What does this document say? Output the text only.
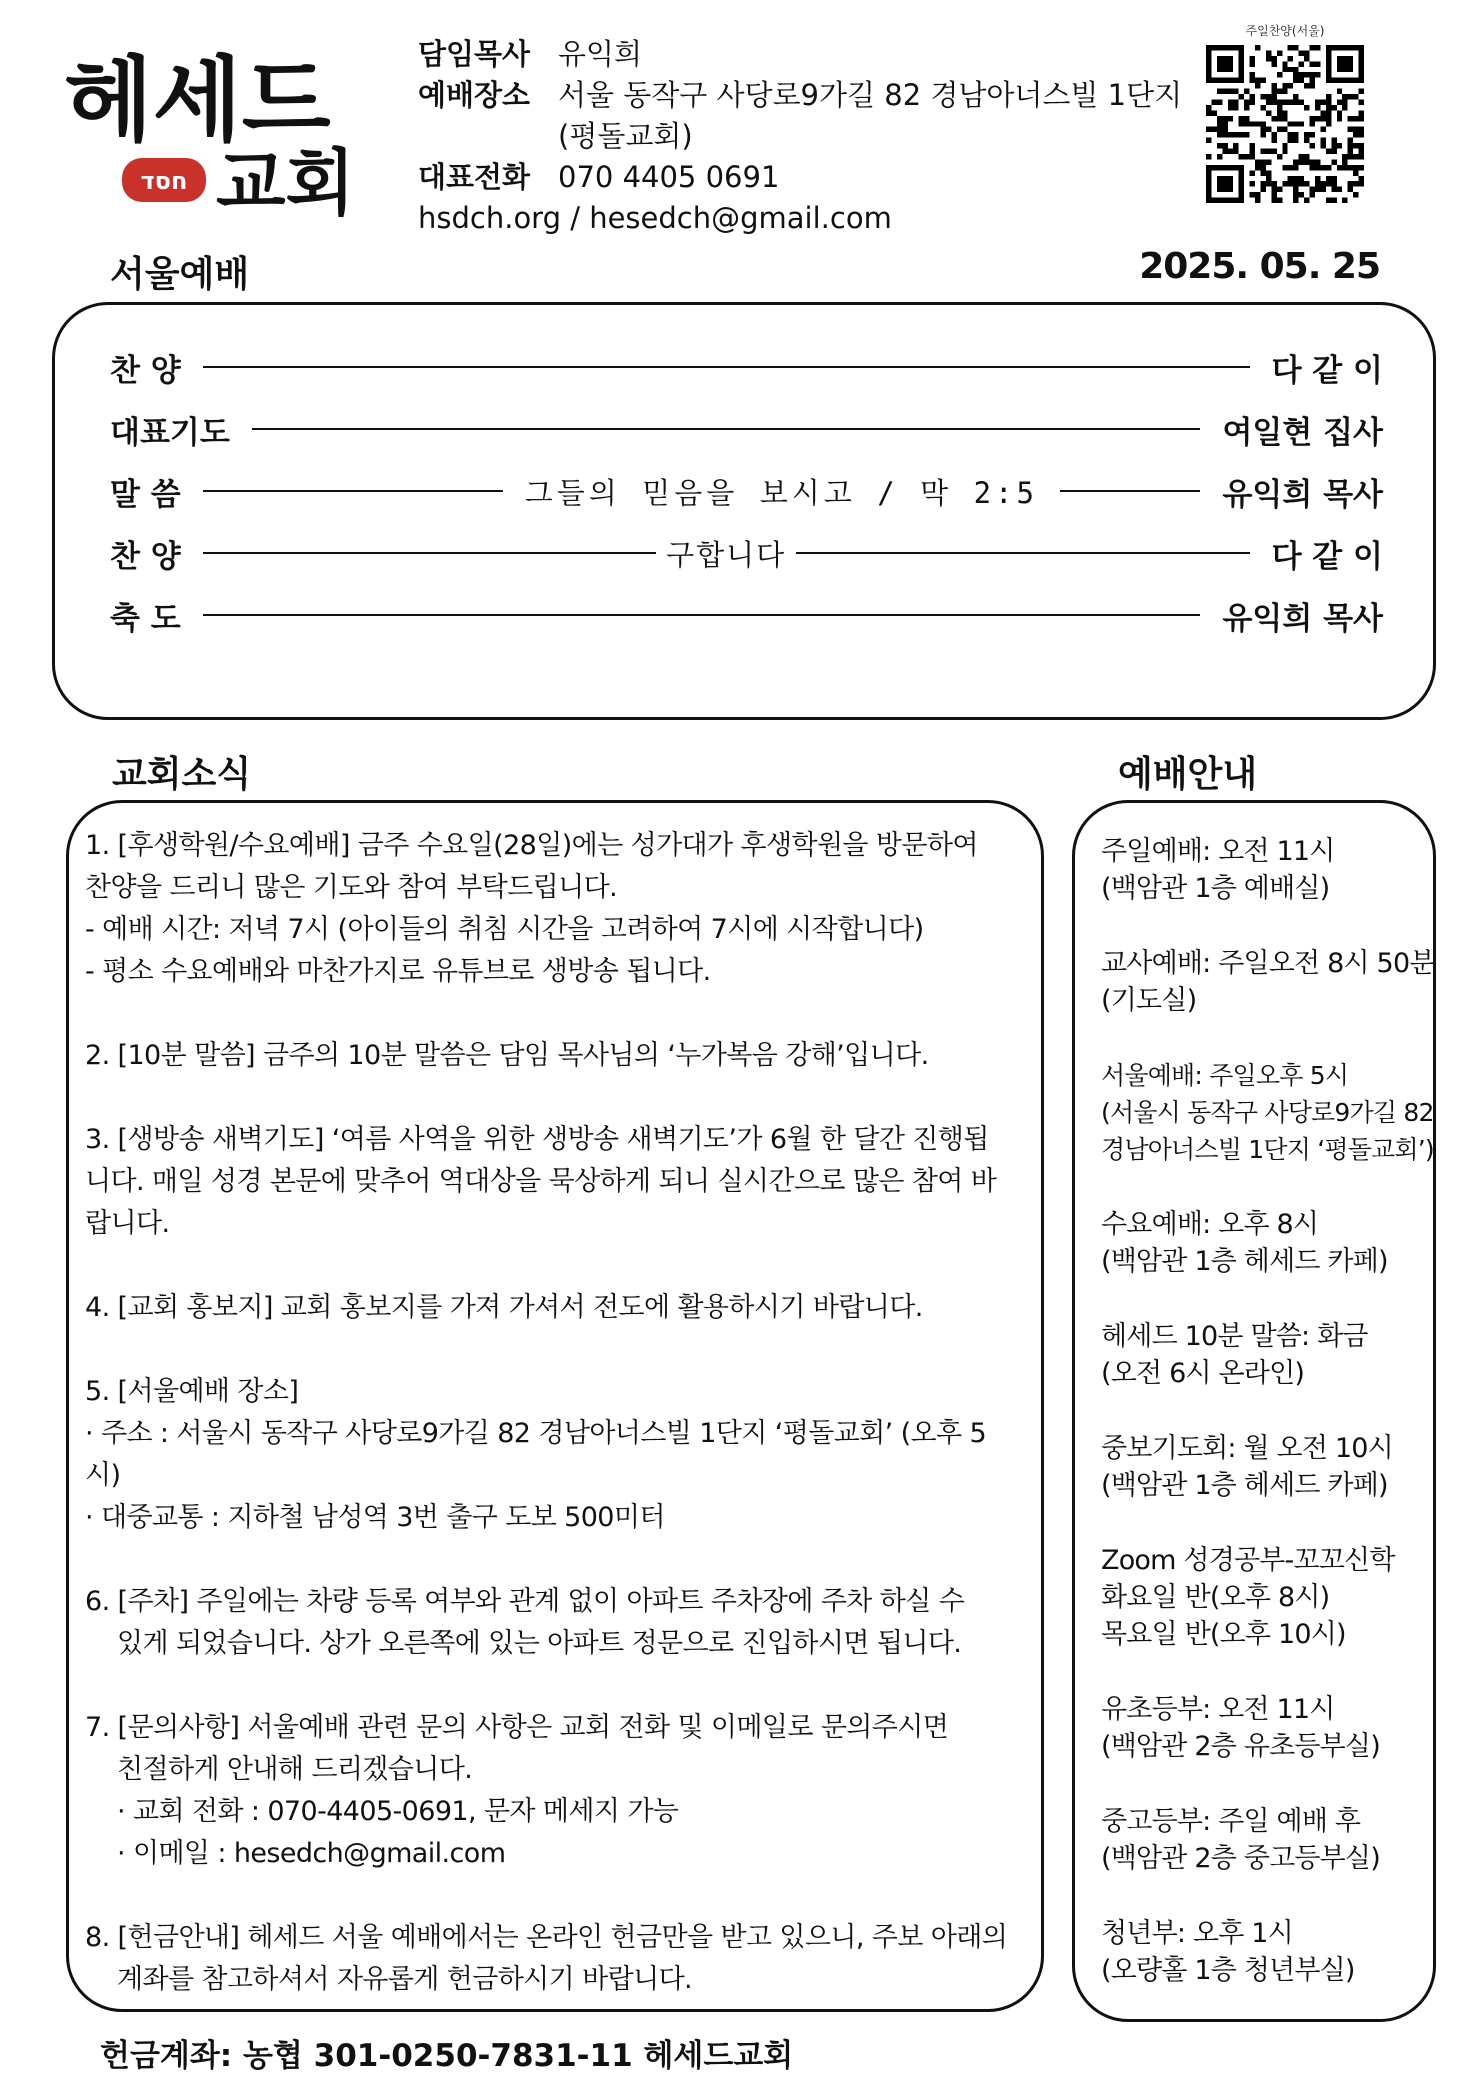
헤세드
חסד 교회
담임목사 유익희
예배장소 서울 동작구 사당로9가길 82 경남아너스빌 1단지
(평돌교회)
대표전화 070 4405 0691
hsdch.org / hesedch@gmail.com
주일찬양(서울)
서울예배	2025. 05. 25
찬 양	다 같 이
대표기도	여일현 집사
말 씀	그들의 믿음을 보시고 / 막 2:5	유익희 목사
찬 양	구합니다	다 같 이
축 도	유익희 목사
교회소식	예배안내

1. [후생학원/수요예배] 금주 수요일(28일)에는 성가대가 후생학원을 방문하여

찬양을 드리니 많은 기도와 참여 부탁드립니다.

- 예배 시간: 저녁 7시 (아이들의 취침 시간을 고려하여 7시에 시작합니다)

- 평소 수요예배와 마찬가지로 유튜브로 생방송 됩니다.

2. [10분 말씀] 금주의 10분 말씀은 담임 목사님의 ‘누가복음 강해’입니다.

3. [생방송 새벽기도] ‘여름 사역을 위한 생방송 새벽기도’가 6월 한 달간 진행됩

니다. 매일 성경 본문에 맞추어 역대상을 묵상하게 되니 실시간으로 많은 참여 바

랍니다.

4. [교회 홍보지] 교회 홍보지를 가져 가셔서 전도에 활용하시기 바랍니다.

5. [서울예배 장소]

· 주소 : 서울시 동작구 사당로9가길 82 경남아너스빌 1단지 ‘평돌교회’ (오후 5시)

· 대중교통 : 지하철 남성역 3번 출구 도보 500미터

6. [주차] 주일에는 차량 등록 여부와 관계 없이 아파트 주차장에 주차 하실 수

있게 되었습니다. 상가 오른쪽에 있는 아파트 정문으로 진입하시면 됩니다.

7. [문의사항] 서울예배 관련 문의 사항은 교회 전화 및 이메일로 문의주시면

친절하게 안내해 드리겠습니다.

· 교회 전화 : 070-4405-0691, 문자 메세지 가능

· 이메일 : hesedch@gmail.com

8. [헌금안내] 헤세드 서울 예배에서는 온라인 헌금만을 받고 있으니, 주보 아래의

계좌를 참고하셔서 자유롭게 헌금하시기 바랍니다.

주일예배: 오전 11시

(백암관 1층 예배실)

교사예배: 주일오전 8시 50분

(기도실)

서울예배: 주일오후 5시

(서울시 동작구 사당로9가길 82

경남아너스빌 1단지 ‘평돌교회’)

수요예배: 오후 8시

(백암관 1층 헤세드 카페)

헤세드 10분 말씀: 화금

(오전 6시 온라인)

중보기도회: 월 오전 10시

(백암관 1층 헤세드 카페)

Zoom 성경공부-꼬꼬신학

화요일 반(오후 8시)

목요일 반(오후 10시)

유초등부: 오전 11시

(백암관 2층 유초등부실)

중고등부: 주일 예배 후

(백암관 2층 중고등부실)

청년부: 오후 1시

(오량홀 1층 청년부실)

헌금계좌: 농협 301-0250-7831-11 헤세드교회
